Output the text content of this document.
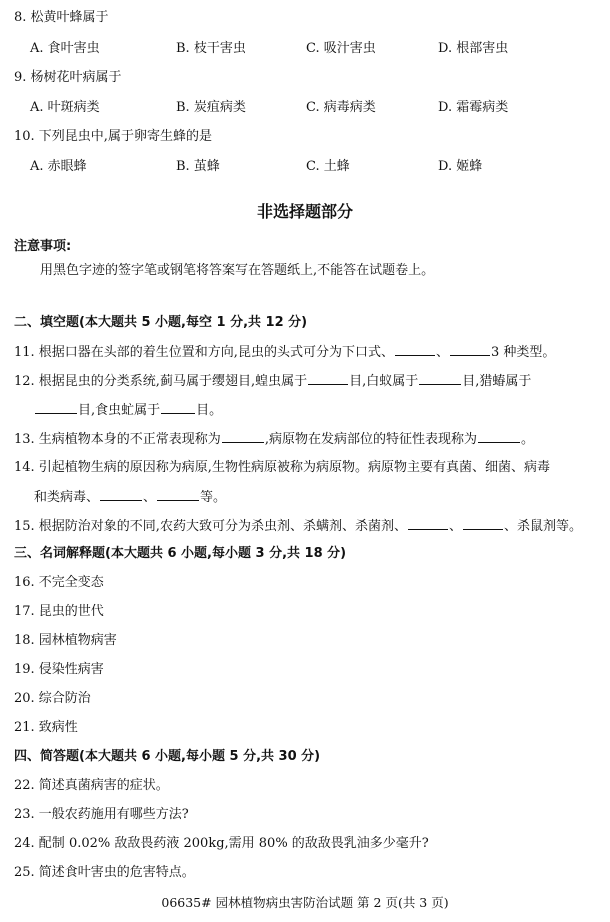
8. 松黄叶蜂属于
A. 食叶害虫	B. 枝干害虫	C. 吸汁害虫	D. 根部害虫
9. 杨树花叶病属于
A. 叶斑病类	B. 炭疽病类	C. 病毒病类	D. 霜霉病类
10. 下列昆虫中,属于卵寄生蜂的是
A. 赤眼蜂	B. 茧蜂	C. 土蜂	D. 姬蜂
非选择题部分
注意事项:
用黑色字迹的签字笔或钢笔将答案写在答题纸上,不能答在试题卷上。
二、填空题(本大题共 5 小题,每空 1 分,共 12 分)
11. 根据口器在头部的着生位置和方向,昆虫的头式可分为下口式、	、	3 种类型。
12. 根据昆虫的分类系统,蓟马属于缨翅目,蝗虫属于	目,白蚁属于	目,猎蝽属于
目,食虫虻属于	目。
13. 生病植物本身的不正常表现称为	,病原物在发病部位的特征性表现称为	。
14. 引起植物生病的原因称为病原,生物性病原被称为病原物。病原物主要有真菌、细菌、病毒
和类病毒、	、	等。
15. 根据防治对象的不同,农药大致可分为杀虫剂、杀螨剂、杀菌剂、	、	、杀鼠剂等。
三、名词解释题(本大题共 6 小题,每小题 3 分,共 18 分)
16. 不完全变态
17. 昆虫的世代
18. 园林植物病害
19. 侵染性病害
20. 综合防治
21. 致病性
四、简答题(本大题共 6 小题,每小题 5 分,共 30 分)
22. 简述真菌病害的症状。
23. 一般农药施用有哪些方法?
24. 配制 0.02% 敌敌畏药液 200kg,需用 80% 的敌敌畏乳油多少毫升?
25. 简述食叶害虫的危害特点。
06635# 园林植物病虫害防治试题 第 2 页(共 3 页)
